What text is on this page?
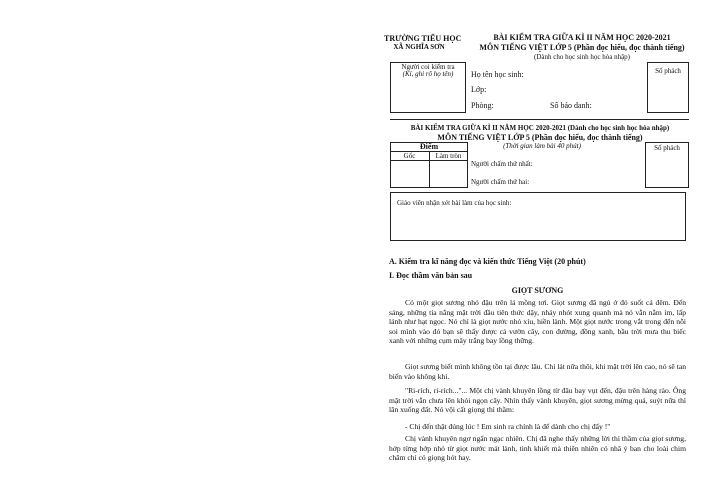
TRƯỜNG TIỂU HỌC
XÃ NGHĨA SƠN
BÀI KIỂM TRA GIỮA KÌ II NĂM HỌC 2020-2021
MÔN TIẾNG VIỆT LỚP 5 (Phần đọc hiểu, đọc thành tiếng)
(Dành cho học sinh học hòa nhập)
Người coi kiểm tra
(Kí, ghi rõ họ tên)	Họ tên học sinh:
Lớp:
Phòng:	Số báo danh:
Số phách
BÀI KIỂM TRA GIỮA KÌ II NĂM HỌC 2020-2021 (Dành cho học sinh học hòa nhập)
MÔN TIẾNG VIỆT LỚP 5 (Phần đọc hiểu, đọc thành tiếng)
(Thời gian làm bài 40 phút)
Điểm
Gốc	Làm tròn
Người chấm thứ nhất:
Người chấm thứ hai:
Số phách
Giáo viên nhận xét bài làm của học sinh:
A. Kiểm tra kĩ năng đọc và kiến thức Tiếng Việt (20 phút)
I. Đọc thầm văn bản sau
GIỌT SƯƠNG
Có một giọt sương nhỏ đậu trên lá mồng tơi. Giọt sương đã ngủ ở đó suốt cả đêm. Đến sáng, những tia nắng mặt trời đầu tiên thức dậy, nhảy nhót xung quanh mà nó vẫn nằm im, lấp lánh như hạt ngọc. Nó chỉ là giọt nước nhỏ xíu, hiền lành. Một giọt nước trong vắt trong đến nỗi soi mình vào đó bạn sẽ thấy được cả vườn cây, con đường, đồng xanh, bầu trời mưa thu biếc xanh với những cụm mây trắng bay lồng thững.
Giọt sương biết mình không tồn tại được lâu. Chỉ lát nữa thôi, khi mặt trời lên cao, nó sẽ tan biến vào không khí.
"Ri-rích, ri-rích..."... Một chị vành khuyên lồng từ đâu bay vụt đến, đậu trên hàng rào. Ông mặt trời vẫn chưa lên khỏi ngọn cây. Nhìn thấy vành khuyên, giọt sương mừng quá, suýt nữa thì lăn xuống đất. Nó vội cất giọng thì thầm:
- Chị đến thật đúng lúc ! Em sinh ra chính là để dành cho chị đấy !"
Chị vành khuyên ngơ ngẩn ngạc nhiên. Chị đã nghe thấy những lời thì thầm của giọt sương, hớp từng hớp nhỏ từ giọt nước mát lành, tinh khiết mà thiên nhiên có nhã ý ban cho loài chim chăm chỉ có giọng hót hay.
